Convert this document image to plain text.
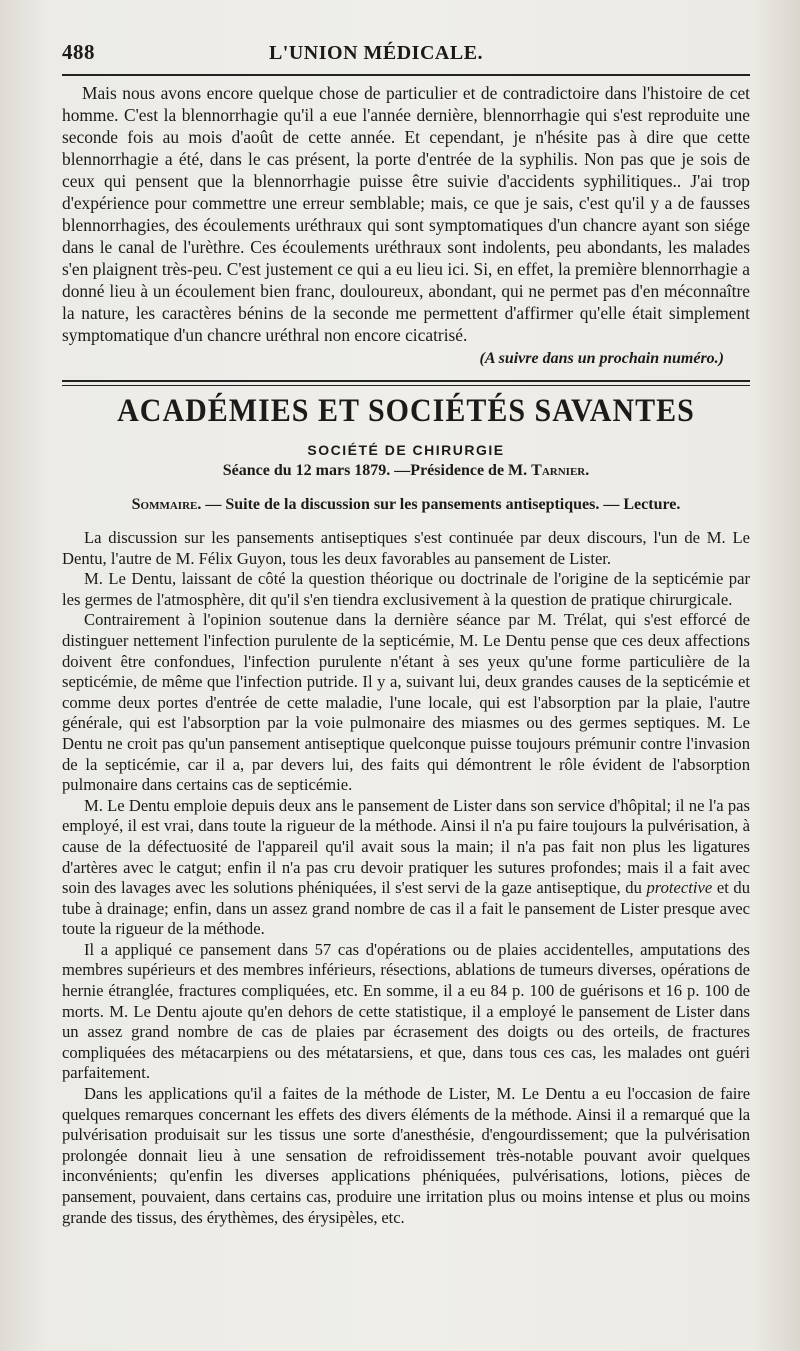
488	L'UNION MÉDICALE.

Mais nous avons encore quelque chose de particulier et de contradictoire dans l'histoire de cet homme. C'est la blennorrhagie qu'il a eue l'année dernière, blennorrhagie qui s'est reproduite une seconde fois au mois d'août de cette année. Et cependant, je n'hésite pas à dire que cette blennorrhagie a été, dans le cas présent, la porte d'entrée de la syphilis. Non pas que je sois de ceux qui pensent que la blennorrhagie puisse être suivie d'accidents syphilitiques.. J'ai trop d'expérience pour commettre une erreur semblable; mais, ce que je sais, c'est qu'il y a de fausses blennorrhagies, des écoulements uréthraux qui sont symptomatiques d'un chancre ayant son siége dans le canal de l'urèthre. Ces écoulements uréthraux sont indolents, peu abondants, les malades s'en plaignent très-peu. C'est justement ce qui a eu lieu ici. Si, en effet, la première blennorrhagie a donné lieu à un écoulement bien franc, douloureux, abondant, qui ne permet pas d'en méconnaître la nature, les caractères bénins de la seconde me permettent d'affirmer qu'elle était simplement symptomatique d'un chancre uréthral non encore cicatrisé.

(A suivre dans un prochain numéro.)
ACADÉMIES ET SOCIÉTÉS SAVANTES
SOCIÉTÉ DE CHIRURGIE
Séance du 12 mars 1879. —Présidence de M. Tarnier.
Sommaire. — Suite de la discussion sur les pansements antiseptiques. — Lecture.

La discussion sur les pansements antiseptiques s'est continuée par deux discours, l'un de M. Le Dentu, l'autre de M. Félix Guyon, tous les deux favorables au pansement de Lister.

M. Le Dentu, laissant de côté la question théorique ou doctrinale de l'origine de la septicémie par les germes de l'atmosphère, dit qu'il s'en tiendra exclusivement à la question de pratique chirurgicale.

Contrairement à l'opinion soutenue dans la dernière séance par M. Trélat, qui s'est efforcé de distinguer nettement l'infection purulente de la septicémie, M. Le Dentu pense que ces deux affections doivent être confondues, l'infection purulente n'étant à ses yeux qu'une forme particulière de la septicémie, de même que l'infection putride. Il y a, suivant lui, deux grandes causes de la septicémie et comme deux portes d'entrée de cette maladie, l'une locale, qui est l'absorption par la plaie, l'autre générale, qui est l'absorption par la voie pulmonaire des miasmes ou des germes septiques. M. Le Dentu ne croit pas qu'un pansement antiseptique quelconque puisse toujours prémunir contre l'invasion de la septicémie, car il a, par devers lui, des faits qui démontrent le rôle évident de l'absorption pulmonaire dans certains cas de septicémie.

M. Le Dentu emploie depuis deux ans le pansement de Lister dans son service d'hôpital; il ne l'a pas employé, il est vrai, dans toute la rigueur de la méthode. Ainsi il n'a pu faire toujours la pulvérisation, à cause de la défectuosité de l'appareil qu'il avait sous la main; il n'a pas fait non plus les ligatures d'artères avec le catgut; enfin il n'a pas cru devoir pratiquer les sutures profondes; mais il a fait avec soin des lavages avec les solutions phéniquées, il s'est servi de la gaze antiseptique, du protective et du tube à drainage; enfin, dans un assez grand nombre de cas il a fait le pansement de Lister presque avec toute la rigueur de la méthode.

Il a appliqué ce pansement dans 57 cas d'opérations ou de plaies accidentelles, amputations des membres supérieurs et des membres inférieurs, résections, ablations de tumeurs diverses, opérations de hernie étranglée, fractures compliquées, etc. En somme, il a eu 84 p. 100 de guérisons et 16 p. 100 de morts. M. Le Dentu ajoute qu'en dehors de cette statistique, il a employé le pansement de Lister dans un assez grand nombre de cas de plaies par écrasement des doigts ou des orteils, de fractures compliquées des métacarpiens ou des métatarsiens, et que, dans tous ces cas, les malades ont guéri parfaitement.

Dans les applications qu'il a faites de la méthode de Lister, M. Le Dentu a eu l'occasion de faire quelques remarques concernant les effets des divers éléments de la méthode. Ainsi il a remarqué que la pulvérisation produisait sur les tissus une sorte d'anesthésie, d'engourdissement; que la pulvérisation prolongée donnait lieu à une sensation de refroidissement très-notable pouvant avoir quelques inconvénients; qu'enfin les diverses applications phéniquées, pulvérisations, lotions, pièces de pansement, pouvaient, dans certains cas, produire une irritation plus ou moins intense et plus ou moins grande des tissus, des érythèmes, des érysipèles, etc.
